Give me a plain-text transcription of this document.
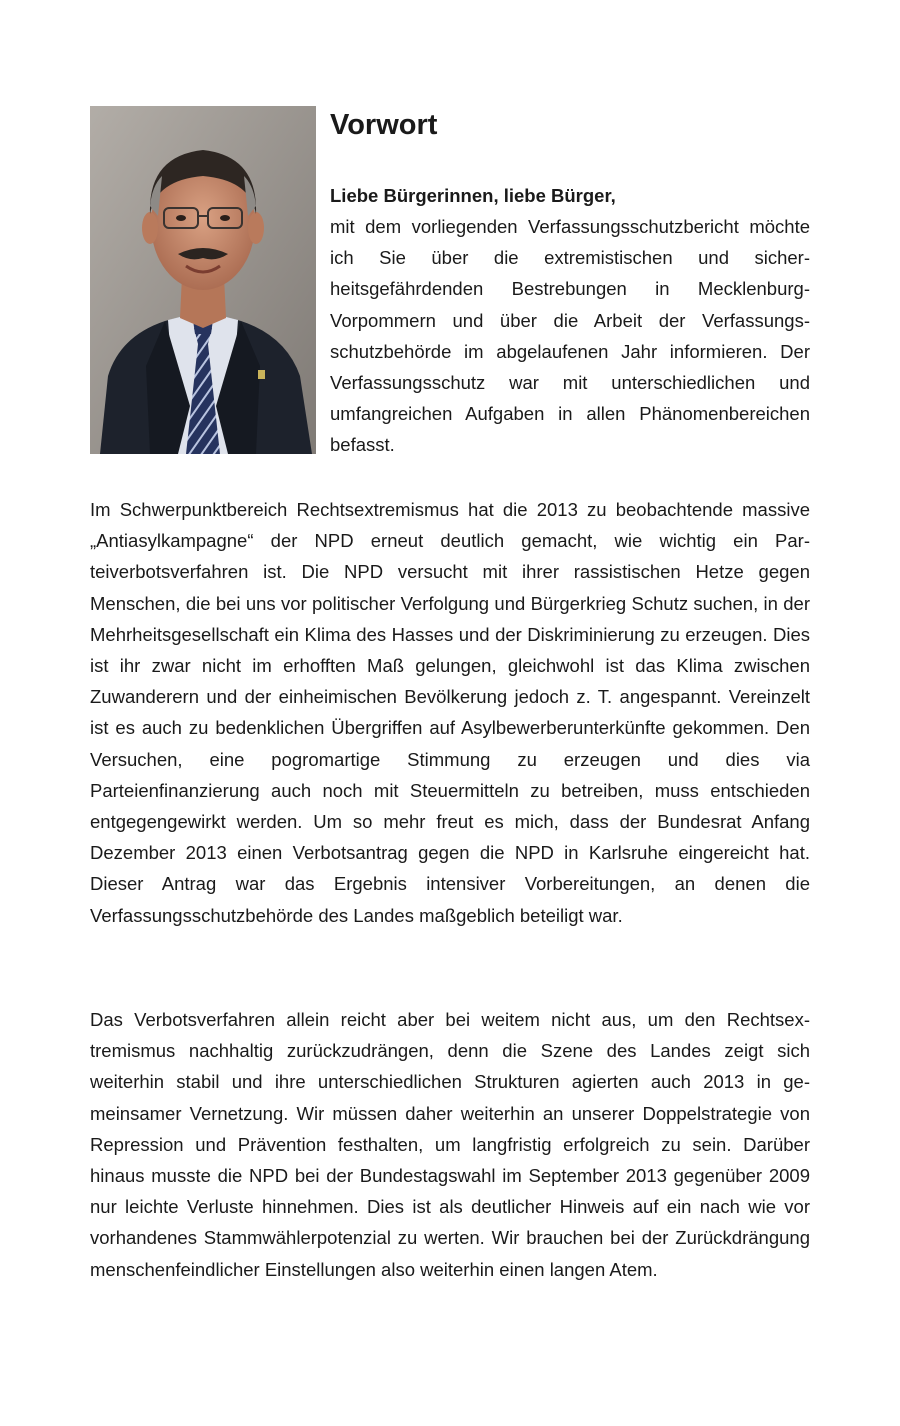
Vorwort
Liebe Bürgerinnen, liebe Bürger,

mit dem vorliegenden Verfassungsschutzbericht möchte ich Sie über die extremistischen und sicherheitsgefährdenden Bestrebungen in Mecklenburg-Vorpommern und über die Arbeit der Verfassungsschutzbehörde im abgelaufenen Jahr informieren. Der Verfassungsschutz war mit unterschiedlichen und umfangreichen Aufgaben in allen Phänomenbereichen befasst.

Im Schwerpunktbereich Rechtsextremismus hat die 2013 zu beobachtende massive „Antiasylkampagne“ der NPD erneut deutlich gemacht, wie wichtig ein Parteiverbotsverfahren ist. Die NPD versucht mit ihrer rassistischen Hetze gegen Menschen, die bei uns vor politischer Verfolgung und Bürgerkrieg Schutz suchen, in der Mehrheitsgesellschaft ein Klima des Hasses und der Diskriminierung zu erzeugen. Dies ist ihr zwar nicht im erhofften Maß gelungen, gleichwohl ist das Klima zwischen Zuwanderern und der einheimischen Bevölkerung jedoch z. T. angespannt. Vereinzelt ist es auch zu bedenklichen Übergriffen auf Asylbewerberunterkünfte gekommen. Den Versuchen, eine pogromartige Stimmung zu erzeugen und dies via Parteienfinanzierung auch noch mit Steuermitteln zu betreiben, muss entschieden entgegengewirkt werden. Um so mehr freut es mich, dass der Bundesrat Anfang Dezember 2013 einen Verbotsantrag gegen die NPD in Karlsruhe eingereicht hat. Dieser Antrag war das Ergebnis intensiver Vorbereitungen, an denen die Verfassungsschutzbehörde des Landes maßgeblich beteiligt war.

Das Verbotsverfahren allein reicht aber bei weitem nicht aus, um den Rechtsextremismus nachhaltig zurückzudrängen, denn die Szene des Landes zeigt sich weiterhin stabil und ihre unterschiedlichen Strukturen agierten auch 2013 in gemeinsamer Vernetzung. Wir müssen daher weiterhin an unserer Doppelstrategie von Repression und Prävention festhalten, um langfristig erfolgreich zu sein. Darüber hinaus musste die NPD bei der Bundestagswahl im September 2013 gegenüber 2009 nur leichte Verluste hinnehmen. Dies ist als deutlicher Hinweis auf ein nach wie vor vorhandenes Stammwählerpotenzial zu werten. Wir brauchen bei der Zurückdrängung menschenfeindlicher Einstellungen also weiterhin einen langen Atem.
